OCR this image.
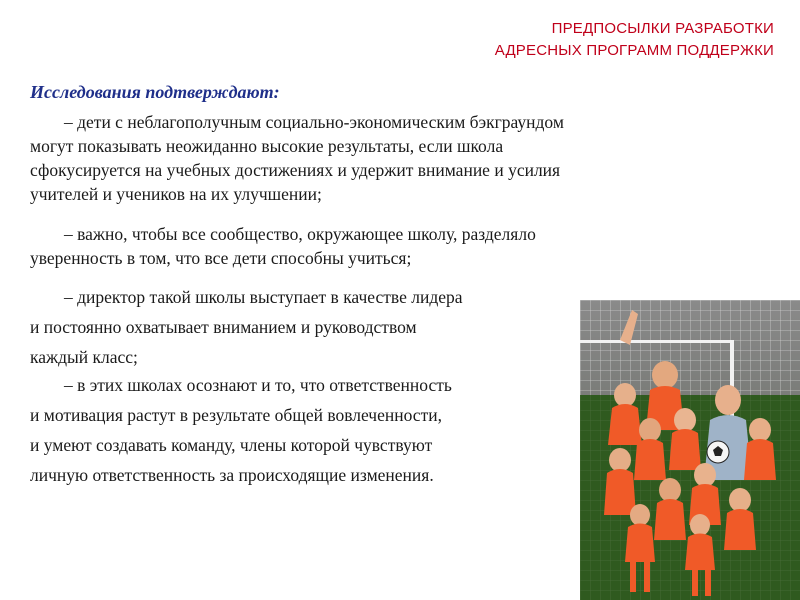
ПРЕДПОСЫЛКИ РАЗРАБОТКИ
АДРЕСНЫХ ПРОГРАММ ПОДДЕРЖКИ
Исследования подтверждают:
– дети с неблагополучным социально-экономическим бэкграундом
могут показывать неожиданно высокие результаты, если школа
сфокусируется на учебных достижениях и удержит внимание и усилия
учителей и учеников на их улучшении;
– важно, чтобы все сообщество, окружающее школу, разделяло
уверенность в том, что все дети способны учиться;
– директор такой школы выступает в качестве лидера
и постоянно охватывает вниманием и руководством
каждый класс;
– в этих школах осознают и то, что ответственность
и мотивация растут в результате общей вовлеченности,
и умеют создавать команду, члены которой чувствуют
личную ответственность за происходящие изменения.
